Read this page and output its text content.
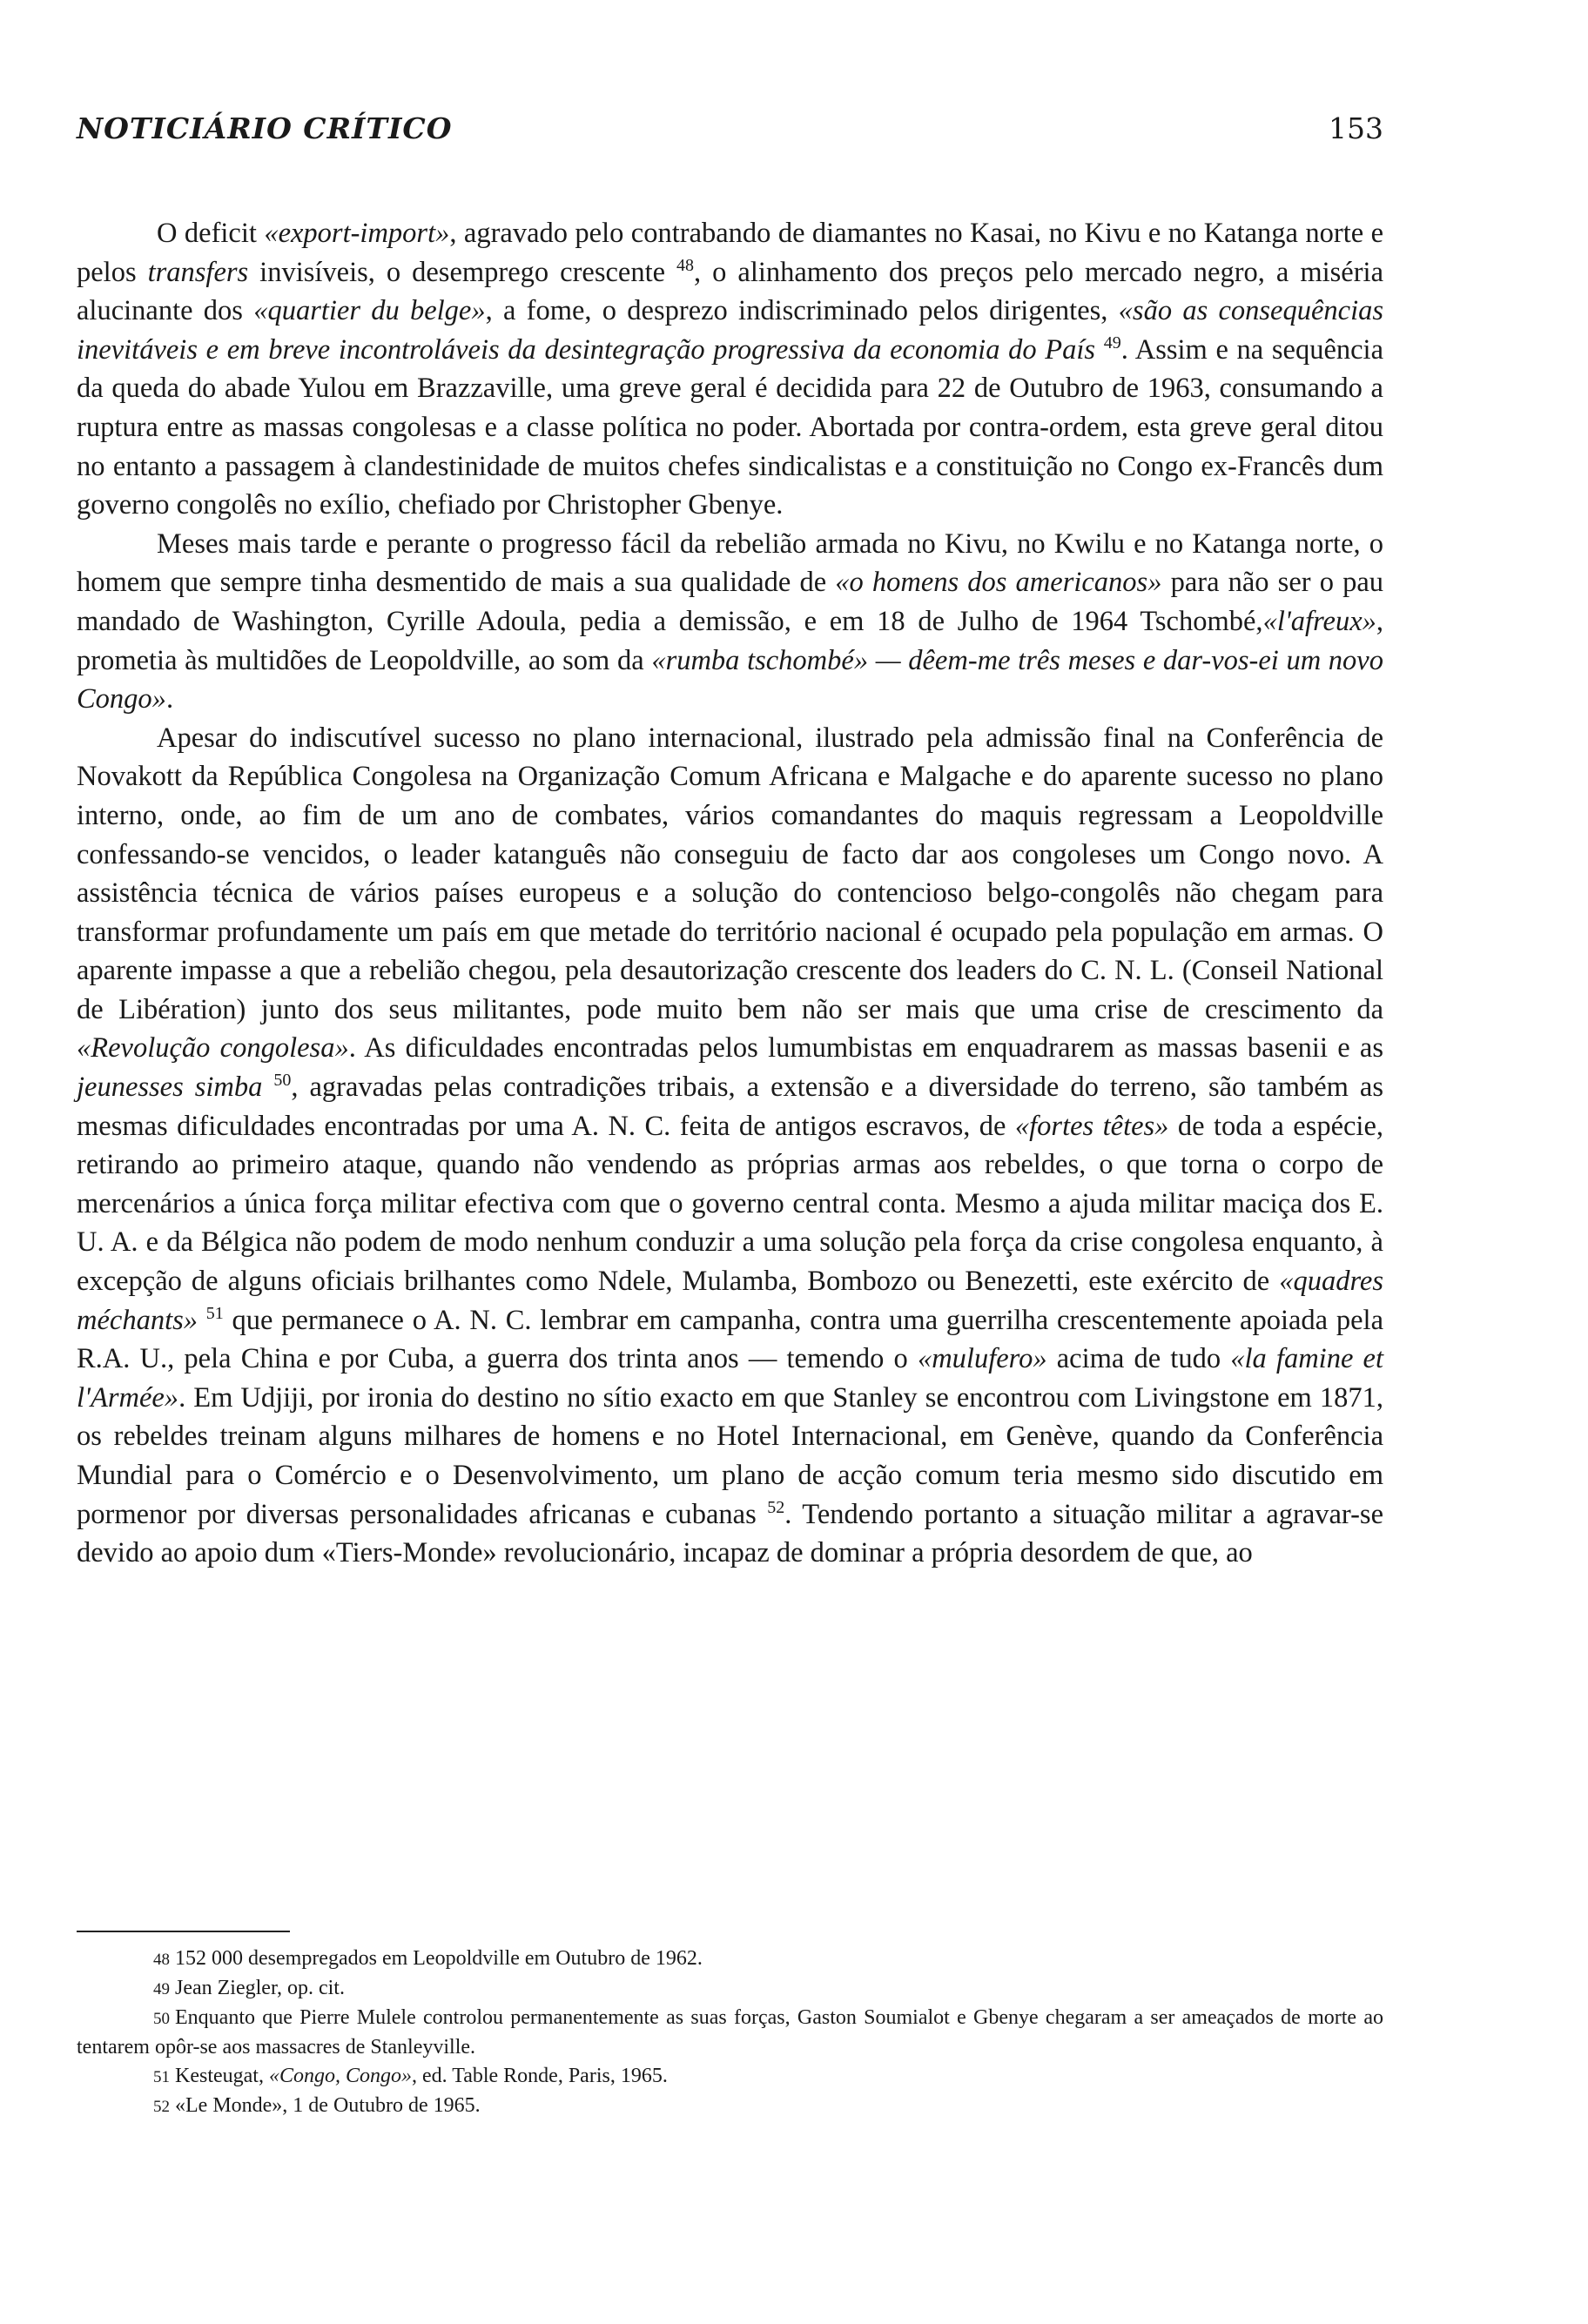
NOTICIÁRIO CRÍTICO	153

O deficit «export-import», agravado pelo contrabando de diamantes no Kasai, no Kivu e no Katanga norte e pelos transfers invisíveis, o desemprego crescente $^{48}$, o alinhamento dos preços pelo mercado negro, a miséria alucinante dos «quartier du belge», a fome, o desprezo indiscriminado pelos dirigentes, «são as consequências inevitáveis e em breve incontroláveis da desintegração progressiva da economia do País $^{49}$. Assim e na sequência da queda do abade Yulou em Brazzaville, uma greve geral é decidida para 22 de Outubro de 1963, consumando a ruptura entre as massas congolesas e a classe política no poder. Abortada por contra-ordem, esta greve geral ditou no entanto a passagem à clandestinidade de muitos chefes sindicalistas e a constituição no Congo ex-Francês dum governo congolês no exílio, chefiado por Christopher Gbenye.

Meses mais tarde e perante o progresso fácil da rebelião armada no Kivu, no Kwilu e no Katanga norte, o homem que sempre tinha desmentido de mais a sua qualidade de «o homens dos americanos» para não ser o pau mandado de Washington, Cyrille Adoula, pedia a demissão, e em 18 de Julho de 1964 Tschombé,«l'afreux», prometia às multidões de Leopoldville, ao som da «rumba tschombé» — dêem-me três meses e dar-vos-ei um novo Congo».

Apesar do indiscutível sucesso no plano internacional, ilustrado pela admissão final na Conferência de Novakott da República Congolesa na Organização Comum Africana e Malgache e do aparente sucesso no plano interno, onde, ao fim de um ano de combates, vários comandantes do maquis regressam a Leopoldville confessando-se vencidos, o leader katanguês não conseguiu de facto dar aos congoleses um Congo novo. A assistência técnica de vários países europeus e a solução do contencioso belgo-congolês não chegam para transformar profundamente um país em que metade do território nacional é ocupado pela população em armas. O aparente impasse a que a rebelião chegou, pela desautorização crescente dos leaders do C. N. L. (Conseil National de Libération) junto dos seus militantes, pode muito bem não ser mais que uma crise de crescimento da «Revolução congolesa». As dificuldades encontradas pelos lumumbistas em enquadrarem as massas basenii e as jeunesses simba $^{50}$, agravadas pelas contradições tribais, a extensão e a diversidade do terreno, são também as mesmas dificuldades encontradas por uma A. N. C. feita de antigos escravos, de «fortes têtes» de toda a espécie, retirando ao primeiro ataque, quando não vendendo as próprias armas aos rebeldes, o que torna o corpo de mercenários a única força militar efectiva com que o governo central conta. Mesmo a ajuda militar maciça dos E. U. A. e da Bélgica não podem de modo nenhum conduzir a uma solução pela força da crise congolesa enquanto, à excepção de alguns oficiais brilhantes como Ndele, Mulamba, Bombozo ou Benezetti, este exército de «quadres méchants» $^{51}$ que permanece o A. N. C. lembrar em campanha, contra uma guerrilha crescentemente apoiada pela R.A. U., pela China e por Cuba, a guerra dos trinta anos — temendo o «mulufero» acima de tudo «la famine et l'Armée». Em Udjiji, por ironia do destino no sítio exacto em que Stanley se encontrou com Livingstone em 1871, os rebeldes treinam alguns milhares de homens e no Hotel Internacional, em Genève, quando da Conferência Mundial para o Comércio e o Desenvolvimento, um plano de acção comum teria mesmo sido discutido em pormenor por diversas personalidades africanas e cubanas $^{52}$. Tendendo portanto a situação militar a agravar-se devido ao apoio dum «Tiers-Monde» revolucionário, incapaz de dominar a própria desordem de que, ao

48 152 000 desempregados em Leopoldville em Outubro de 1962.

49 Jean Ziegler, op. cit.

50 Enquanto que Pierre Mulele controlou permanentemente as suas forças, Gaston Soumialot e Gbenye chegaram a ser ameaçados de morte ao tentarem opôr-se aos massacres de Stanleyville.

51 Kesteugat, «Congo, Congo», ed. Table Ronde, Paris, 1965.

52 «Le Monde», 1 de Outubro de 1965.
